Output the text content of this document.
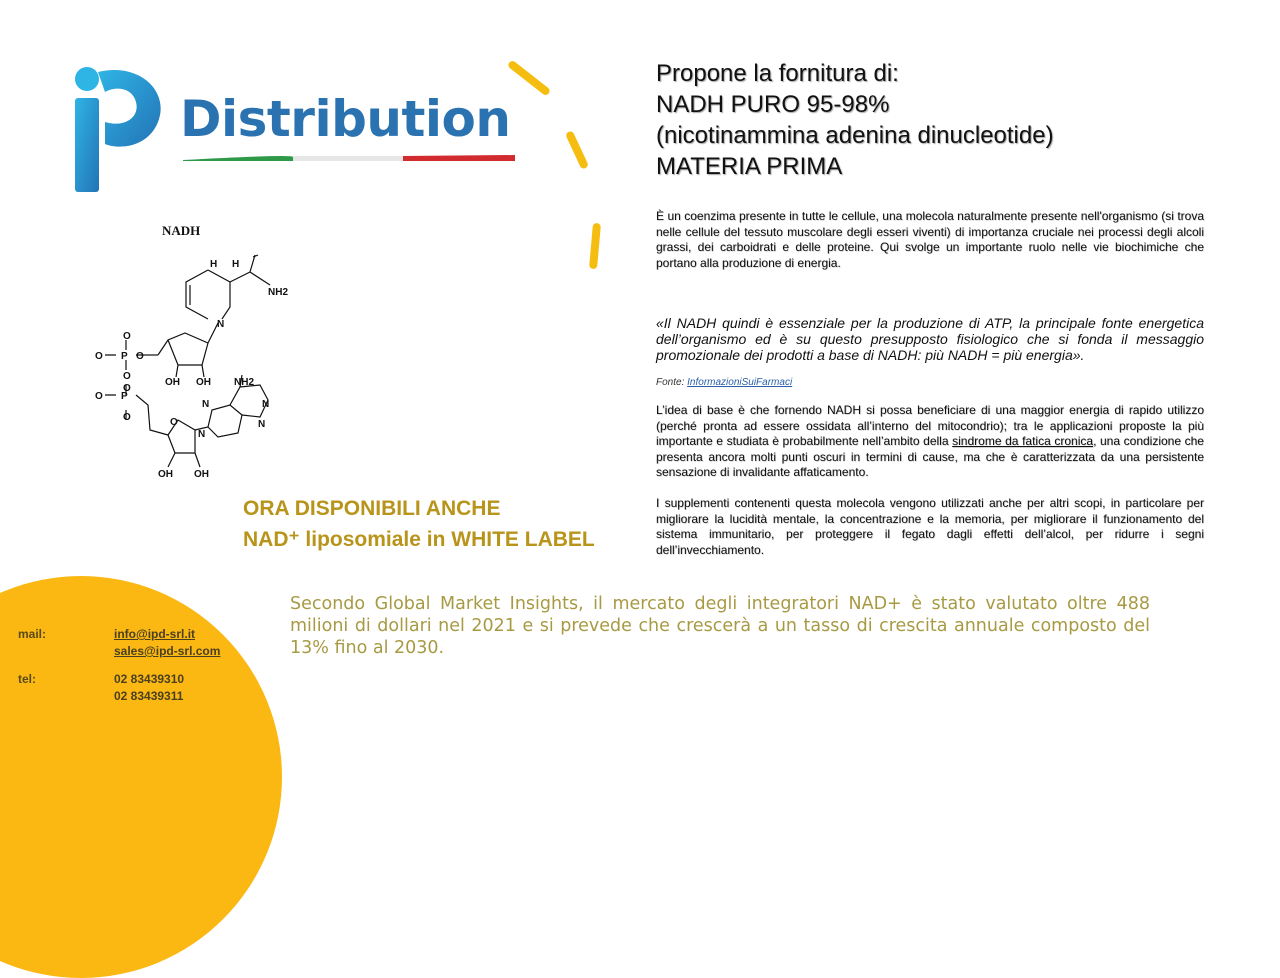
Distribution
Propone la fornitura di:
NADH PURO 95-98%
(nicotinammina adenina dinucleotide)
MATERIA PRIMA
È un coenzima presente in tutte le cellule, una molecola naturalmente presente nell'organismo (si trova nelle cellule del tessuto muscolare degli esseri viventi) di importanza cruciale nei processi degli alcoli grassi, dei carboidrati e delle proteine. Qui svolge un importante ruolo nelle vie biochimiche che portano alla produzione di energia.
«Il NADH quindi è essenziale per la produzione di ATP, la principale fonte energetica dell’organismo ed è su questo presupposto fisiologico che si fonda il messaggio promozionale dei prodotti a base di NADH: più NADH = più energia».
Fonte: InformazioniSuiFarmaci
L’idea di base è che fornendo NADH si possa beneficiare di una maggior energia di rapido utilizzo (perché pronta ad essere ossidata all’interno del mitocondrio); tra le applicazioni proposte la più importante e studiata è probabilmente nell’ambito della sindrome da fatica cronica, una condizione che presenta ancora molti punti oscuri in termini di cause, ma che è caratterizzata da una persistente sensazione di invalidante affaticamento.
I supplementi contenenti questa molecola vengono utilizzati anche per altri scopi, in particolare per migliorare la lucidità mentale, la concentrazione e la memoria, per migliorare il funzionamento del sistema immunitario, per proteggere il fegato dagli effetti dell’alcol, per ridurre i segni dell’invecchiamento.
NADH
H H
NH2
N
O
O
P
O
O
O
P
O
O
OH OH NH2
N	N
N
N
O
OH OH
ORA DISPONIBILI ANCHE
NAD⁺ liposomiale in WHITE LABEL
Secondo Global Market Insights, il mercato degli integratori NAD+ è stato valutato oltre 488 milioni di dollari nel 2021 e si prevede che crescerà a un tasso di crescita annuale composto del 13% fino al 2030.
mail:	info@ipd-srl.it
sales@ipd-srl.com
tel:	02 83439310
02 83439311
